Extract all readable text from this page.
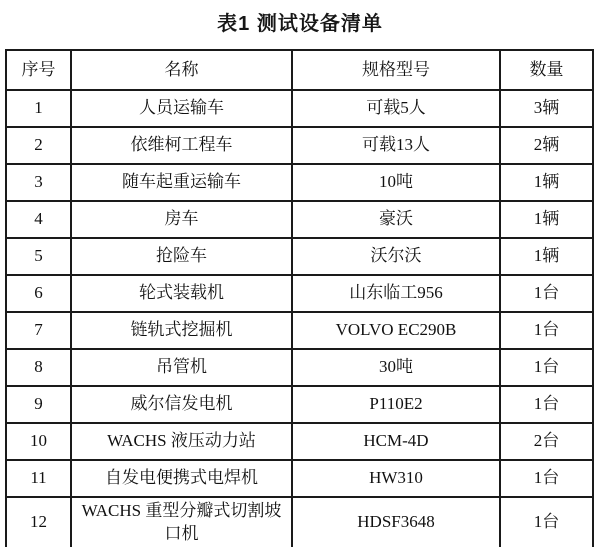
表1 测试设备清单
序号	名称	规格型号	数量
1	人员运输车	可载5人	3辆
2	依维柯工程车	可载13人	2辆
3	随车起重运输车	10吨	1辆
4	房车	豪沃	1辆
5	抢险车	沃尔沃	1辆
6	轮式装载机	山东临工956	1台
7	链轨式挖掘机	VOLVO EC290B	1台
8	吊管机	30吨	1台
9	威尔信发电机	P110E2	1台
10	WACHS 液压动力站	HCM-4D	2台
11	自发电便携式电焊机	HW310	1台
12	WACHS 重型分瓣式切割坡口机	HDSF3648	1台
